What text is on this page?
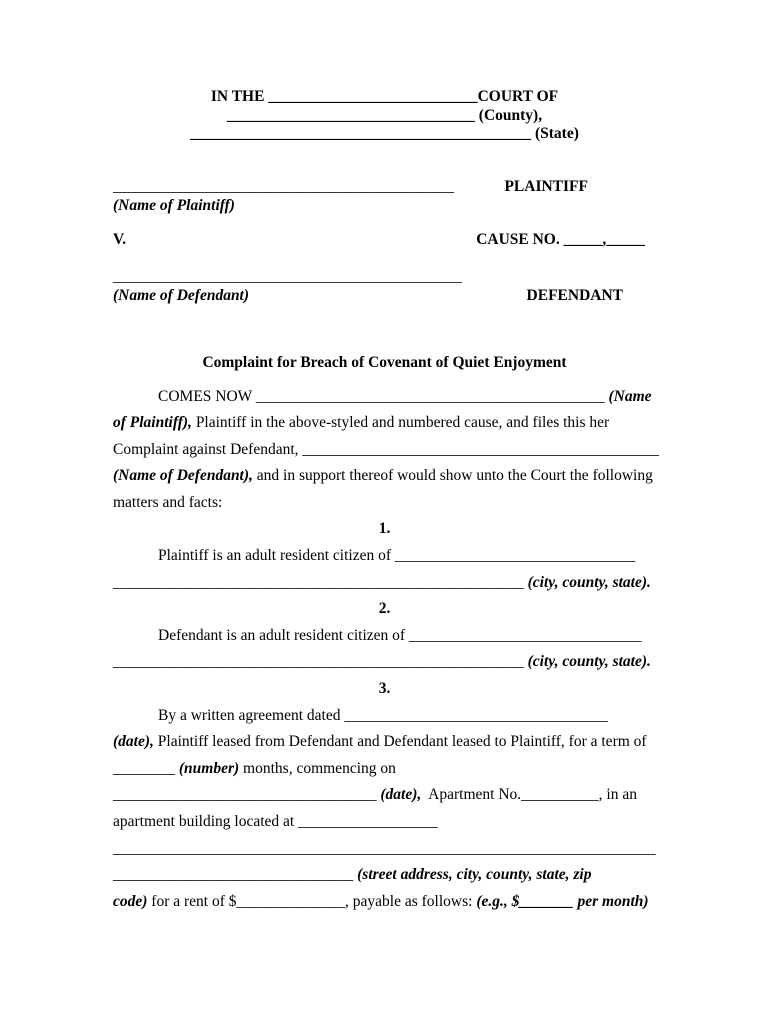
IN THE ___________________________COURT OF
________________________________ (County),
____________________________________________ (State)
____________________________________________	PLAINTIFF
(Name of Plaintiff)
V.	CAUSE NO. _____,_____
_____________________________________________
(Name of Defendant)	DEFENDANT
Complaint for Breach of Covenant of Quiet Enjoyment
COMES NOW _____________________________________________ (Name
of Plaintiff), Plaintiff in the above-styled and numbered cause, and files this her
Complaint against Defendant, ______________________________________________
(Name of Defendant), and in support thereof would show unto the Court the following
matters and facts:
1.
Plaintiff is an adult resident citizen of _______________________________
_____________________________________________________ (city, county, state).
2.
Defendant is an adult resident citizen of ______________________________
_____________________________________________________ (city, county, state).
3.
By a written agreement dated __________________________________
(date), Plaintiff leased from Defendant and Defendant leased to Plaintiff, for a term of
________ (number) months, commencing on
__________________________________ (date),  Apartment No.__________, in an
apartment building located at __________________
______________________________________________________________________
_______________________________ (street address, city, county, state, zip
code) for a rent of $______________, payable as follows: (e.g., $_______ per month)
